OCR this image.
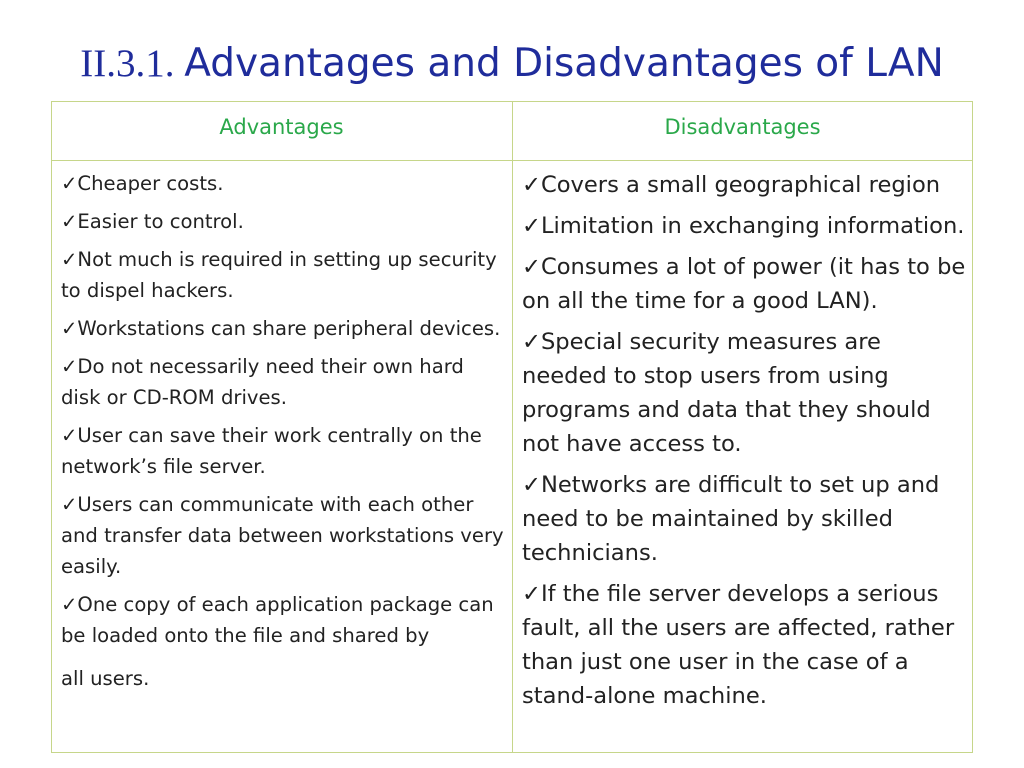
II.3.1. Advantages and Disadvantages of LAN
Advantages	Disadvantages
✓Cheaper costs.
✓Easier to control.
✓Not much is required in setting up security to dispel hackers.
✓Workstations can share peripheral devices.
✓Do not necessarily need their own hard disk or CD-ROM drives.
✓User can save their work centrally on the network’s file server.
✓Users can communicate with each other and transfer data between workstations very easily.
✓One copy of each application package can be loaded onto the file and shared by
all users.
✓Covers a small geographical region
✓Limitation in exchanging information.
✓Consumes a lot of power (it has to be on all the time for a good LAN).
✓Special security measures are needed to stop users from using programs and data that they should not have access to.
✓Networks are difficult to set up and need to be maintained by skilled technicians.
✓If the file server develops a serious fault, all the users are affected, rather than just one user in the case of a stand-alone machine.
